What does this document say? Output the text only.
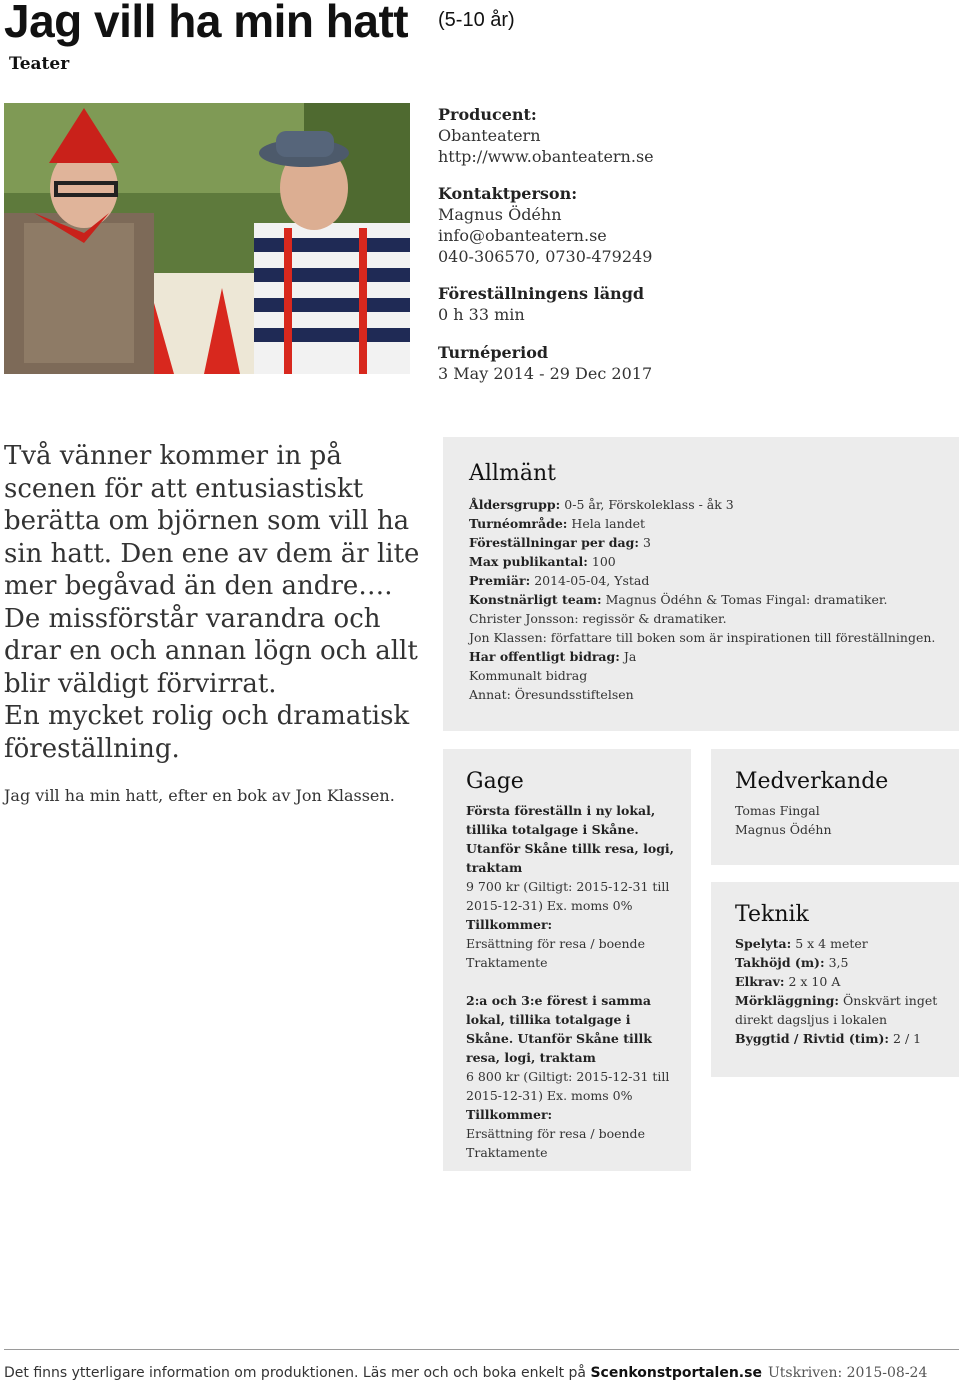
Jag vill ha min hatt (5-10 år)
Teater
Producent:
Obanteatern
http://www.obanteatern.se
Kontaktperson:
Magnus Ödéhn
info@obanteatern.se
040-306570, 0730-479249
Föreställningens längd
0 h 33 min
Turnéperiod
3 May 2014 - 29 Dec 2017

Två vänner kommer in på scenen för att entusiastiskt berätta om björnen som vill ha sin hatt. Den ene av dem är lite mer begåvad än den andre…. De missförstår varandra och drar en och annan lögn och allt blir väldigt förvirrat.

En mycket rolig och dramatisk föreställning.

Jag vill ha min hatt, efter en bok av Jon Klassen.
Allmänt
Åldersgrupp: 0-5 år, Förskoleklass - åk 3
Turnéområde: Hela landet
Föreställningar per dag: 3
Max publikantal: 100
Premiär: 2014-05-04, Ystad
Konstnärligt team: Magnus Ödéhn & Tomas Fingal: dramatiker.
Christer Jonsson: regissör & dramatiker.
Jon Klassen: författare till boken som är inspirationen till föreställningen.
Har offentligt bidrag: Ja
Kommunalt bidrag
Annat: Öresundsstiftelsen
Gage
Första föreställn i ny lokal, tillika totalgage i Skåne. Utanför Skåne tillk resa, logi, traktam
9 700 kr (Giltigt: 2015-12-31 till 2015-12-31) Ex. moms 0%
Tillkommer:
Ersättning för resa / boende
Traktamente
2:a och 3:e förest i samma lokal, tillika totalgage i Skåne. Utanför Skåne tillk resa, logi, traktam
6 800 kr (Giltigt: 2015-12-31 till 2015-12-31) Ex. moms 0%
Tillkommer:
Ersättning för resa / boende
Traktamente
Medverkande
Tomas Fingal
Magnus Ödéhn
Teknik
Spelyta: 5 x 4 meter
Takhöjd (m): 3,5
Elkrav: 2 x 10 A
Mörkläggning: Önskvärt inget direkt dagsljus i lokalen
Byggtid / Rivtid (tim): 2 / 1
Det finns ytterligare information om produktionen. Läs mer och och boka enkelt på Scenkonstportalen.se Utskriven: 2015-08-24
